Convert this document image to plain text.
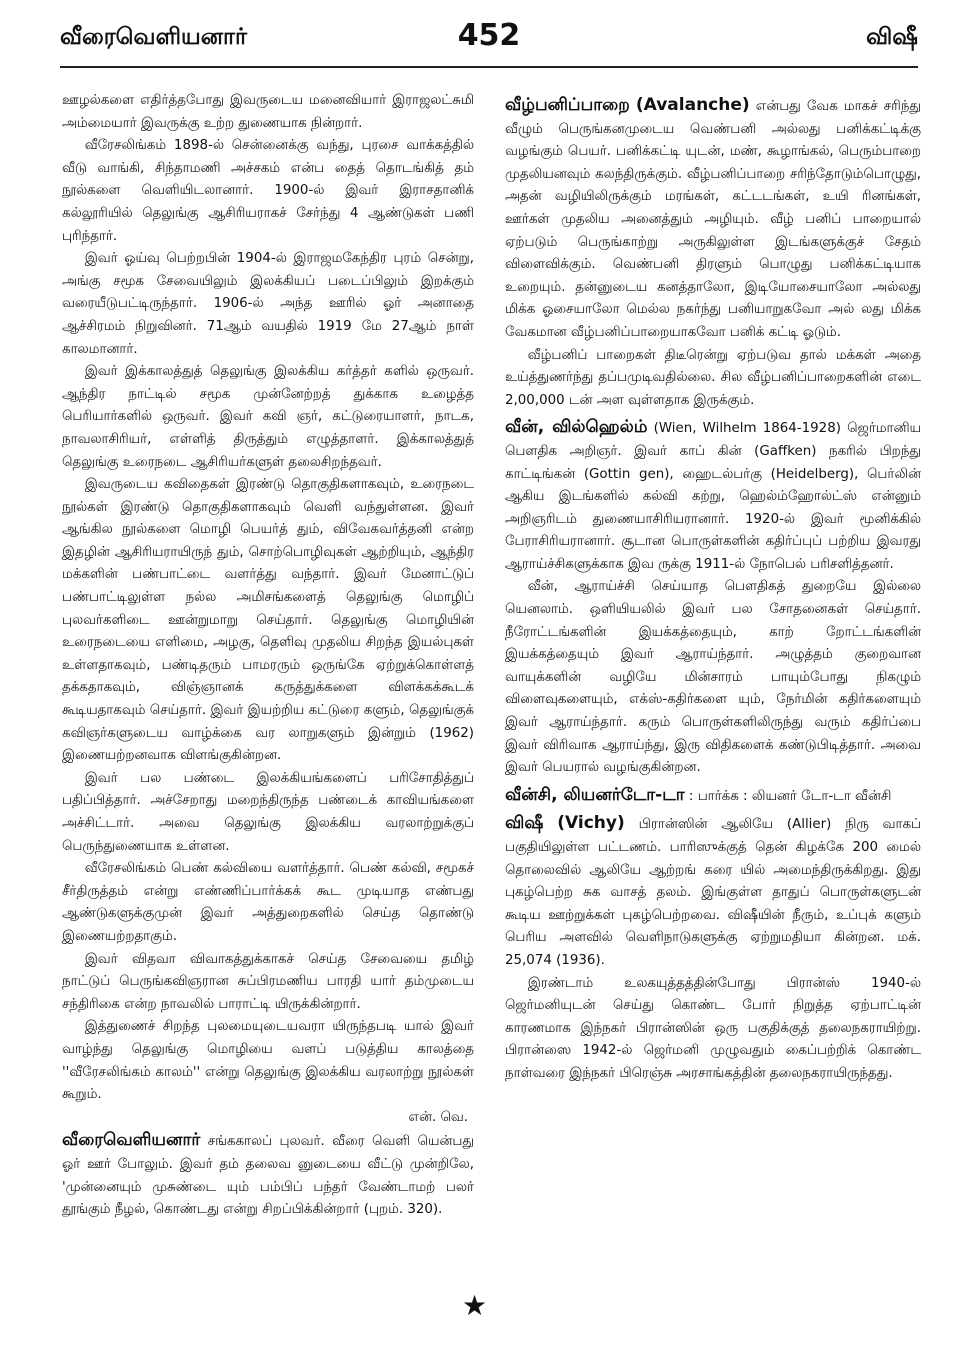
வீரைவெளியனார்	452	விஷீ

ஊழல்களை எதிர்த்தபோது இவருடைய மனைவியார் இராஜலட்சுமி அம்மையார் இவருக்கு உற்ற துணையாக நின்றார்.

வீரேசலிங்கம் 1898-ல் சென்னைக்கு வந்து, புரசை வாக்கத்தில் வீடு வாங்கி, சிந்தாமணி அச்சகம் என்ப தைத் தொடங்கித் தம் நூல்களை வெளியிடலானார். 1900-ல் இவர் இராசதானிக் கல்லூரியில் தெலுங்கு ஆசிரியராகச் சேர்ந்து 4 ஆண்டுகள் பணி புரிந்தார்.

இவர் ஓய்வு பெற்றபின் 1904-ல் இராஜமகேந்திர புரம் சென்று, அங்கு சமூக சேவையிலும் இலக்கியப் படைப்பிலும் இறக்கும் வரையீடுபட்டிருந்தார். 1906-ல் அந்த ஊரில் ஓர் அனாதை ஆச்சிரமம் நிறுவினர். 71ஆம் வயதில் 1919 மே 27ஆம் நாள் காலமானார்.

இவர் இக்காலத்துத் தெலுங்கு இலக்கிய கர்த்தர் களில் ஒருவர். ஆந்திர நாட்டில் சமூக முன்னேற்றத் துக்காக உழைத்த பெரியார்களில் ஒருவர். இவர் கவி ஞர், கட்டுரையாளர், நாடக, நாவலாசிரியர், எள்ளித் திருத்தும் எழுத்தாளர். இக்காலத்துத் தெலுங்கு உரைநடை ஆசிரியர்களுள் தலைசிறந்தவர்.

இவருடைய கவிதைகள் இரண்டு தொகுதிகளாகவும், உரைநடை நூல்கள் இரண்டு தொகுதிகளாகவும் வெளி வந்துள்ளன. இவர் ஆங்கில நூல்களை மொழி பெயர்த் தும், விவேகவர்த்தனி என்ற இதழின் ஆசிரியராயிருந் தும், சொற்பொழிவுகள் ஆற்றியும், ஆந்திர மக்களின் பண்பாட்டை வளர்த்து வந்தார். இவர் மேனாட்டுப் பண்பாட்டிலுள்ள நல்ல அமிசங்களைத் தெலுங்கு மொழிப் புலவர்களிடை ஊன்றுமாறு செய்தார். தெலுங்கு மொழியின் உரைநடையை எளிமை, அழகு, தெளிவு முதலிய சிறந்த இயல்புகள் உள்ளதாகவும், பண்டிதரும் பாமரரும் ஒருங்கே ஏற்றுக்கொள்ளத் தக்கதாகவும், விஞ்ஞானக் கருத்துக்களை விளக்கக்கூடக் கூடியதாகவும் செய்தார். இவர் இயற்றிய கட்டுரை களும், தெலுங்குக் கவிஞர்களுடைய வாழ்க்கை வர லாறுகளும் இன்றும் (1962) இணையற்றனவாக விளங்குகின்றன.

இவர் பல பண்டை இலக்கியங்களைப் பரிசோதித்துப் பதிப்பித்தார். அச்சேறாது மறைந்திருந்த பண்டைக் காவியங்களை அச்சிட்டார். அவை தெலுங்கு இலக்கிய வரலாற்றுக்குப் பெருந்துணையாக உள்ளன.

வீரேசலிங்கம் பெண் கல்வியை வளர்த்தார். பெண் கல்வி, சமூகச் சீர்திருத்தம் என்று எண்ணிப்பார்க்கக் கூட முடியாத எண்பது ஆண்டுகளுக்குமுன் இவர் அத்துறைகளில் செய்த தொண்டு இணையற்றதாகும்.

இவர் விதவா விவாகத்துக்காகச் செய்த சேவையை தமிழ் நாட்டுப் பெருங்கவிஞரான சுப்பிரமணிய பாரதி யார் தம்முடைய சந்திரிகை என்ற நாவலில் பாராட்டி யிருக்கின்றார்.

இத்துணைச் சிறந்த புலமையுடையவரா யிருந்தபடி யால் இவர் வாழ்ந்து தெலுங்கு மொழியை வளப் படுத்திய காலத்தை ''வீரேசலிங்கம் காலம்'' என்று தெலுங்கு இலக்கிய வரலாற்று நூல்கள் கூறும்.

என். வெ.

வீரைவெளியனார் சங்ககாலப் புலவர். வீரை வெளி யென்பது ஓர் ஊர் போலும். இவர் தம் தலைவ னுடையை வீட்டு முன்றிலே, 'முன்னையும் முசுண்டை யும் பம்பிப் பந்தர் வேண்டாமற் பலர் தூங்கும் நீழல், கொண்டது என்று சிறப்பிக்கின்றார் (புறம். 320).

வீழ்பனிப்பாறை (Avalanche) என்பது வேக மாகச் சரிந்து வீழும் பெருங்கனமுடைய வெண்பனி அல்லது பனிக்கட்டிக்கு வழங்கும் பெயர். பனிக்கட்டி யுடன், மண், கூழாங்கல், பெரும்பாறை முதலியனவும் கலந்திருக்கும். வீழ்பனிப்பாறை சரிந்தோடும்பொழுது, அதன் வழியிலிருக்கும் மரங்கள், கட்டடங்கள், உயி ரினங்கள், ஊர்கள் முதலிய அனைத்தும் அழியும். வீழ் பனிப் பாறையால் ஏற்படும் பெருங்காற்று அருகிலுள்ள இடங்களுக்குச் சேதம் விளைவிக்கும். வெண்பனி திரளும் பொழுது பனிக்கட்டியாக உறையும். தன்னுடைய கனத்தாலோ, இடியோசையாலோ அல்லது மிக்க ஓசையாலோ மெல்ல நகர்ந்து பனியாறுகவோ அல் லது மிக்க வேகமான வீழ்பனிப்பாறையாகவோ பனிக் கட்டி ஓடும்.

வீழ்பனிப் பாறைகள் திடீரென்று ஏற்படுவ தால் மக்கள் அதை உய்த்துணர்ந்து தப்பமுடிவதில்லை. சில வீழ்பனிப்பாறைகளின் எடை 2,00,000 டன் அள வுள்ளதாக இருக்கும்.

வீன், வில்ஹெல்ம் (Wien, Wilhelm 1864-1928) ஜெர்மானிய பௌதிக அறிஞர். இவர் காப் கின் (Gaffken) நகரில் பிறந்து காட்டிங்கன் (Gottin gen), ஹைடல்பர்கு (Heidelberg), பெர்லின் ஆகிய இடங்களில் கல்வி கற்று, ஹெல்ம்ஹோல்ட்ஸ் என்னும் அறிஞரிடம் துணையாசிரியரானார். 1920-ல் இவர் மூனிக்கில் பேராசிரியரானார். சூடான பொருள்களின் கதிர்ப்புப் பற்றிய இவரது ஆராய்ச்சிகளுக்காக இவ ருக்கு 1911-ல் நோபெல் பரிசளித்தனர்.

வீன், ஆராய்ச்சி செய்யாத பௌதிகத் துறையே இல்லை யெனலாம். ஒளியியலில் இவர் பல சோதனைகள் செய்தார். நீரோட்டங்களின் இயக்கத்தையும், காற் றோட்டங்களின் இயக்கத்தையும் இவர் ஆராய்ந்தார். அழுத்தம் குறைவான வாயுக்களின் வழியே மின்சாரம் பாயும்போது நிகழும் விளைவுகளையும், எக்ஸ்-கதிர்களை யும், நேர்மின் கதிர்களையும் இவர் ஆராய்ந்தார். கரும் பொருள்களிலிருந்து வரும் கதிர்ப்பை இவர் விரிவாக ஆராய்ந்து, இரு விதிகளைக் கண்டுபிடித்தார். அவை இவர் பெயரால் வழங்குகின்றன.

வீன்சி, லியனர்டோ-டா : பார்க்க : லியனர் டோ-டா வீன்சி

விஷீ (Vichy) பிரான்ஸின் ஆலியே (Allier) நிரு வாகப் பகுதியிலுள்ள பட்டணம். பாரிஸுக்குத் தென் கிழக்கே 200 மைல் தொலைவில் ஆலியே ஆற்றங் கரை யில் அமைந்திருக்கிறது. இது புகழ்பெற்ற சுக வாசத் தலம். இங்குள்ள தாதுப் பொருள்களுடன் கூடிய ஊற்றுக்கள் புகழ்பெற்றவை. விஷீயின் நீரும், உப்புக் களும் பெரிய அளவில் வெளிநாடுகளுக்கு ஏற்றுமதியா கின்றன. மக். 25,074 (1936).

இரண்டாம் உலகயுத்தத்தின்போது பிரான்ஸ் 1940-ல் ஜெர்மனியுடன் செய்து கொண்ட போர் நிறுத்த ஏற்பாட்டின் காரணமாக இந்நகர் பிரான்ஸின் ஒரு பகுதிக்குத் தலைநகராயிற்று. பிரான்ஸை 1942-ல் ஜெர்மனி முழுவதும் கைப்பற்றிக் கொண்ட நாள்வரை இந்நகர் பிரெஞ்சு அரசாங்கத்தின் தலைநகராயிருந்தது.

★
